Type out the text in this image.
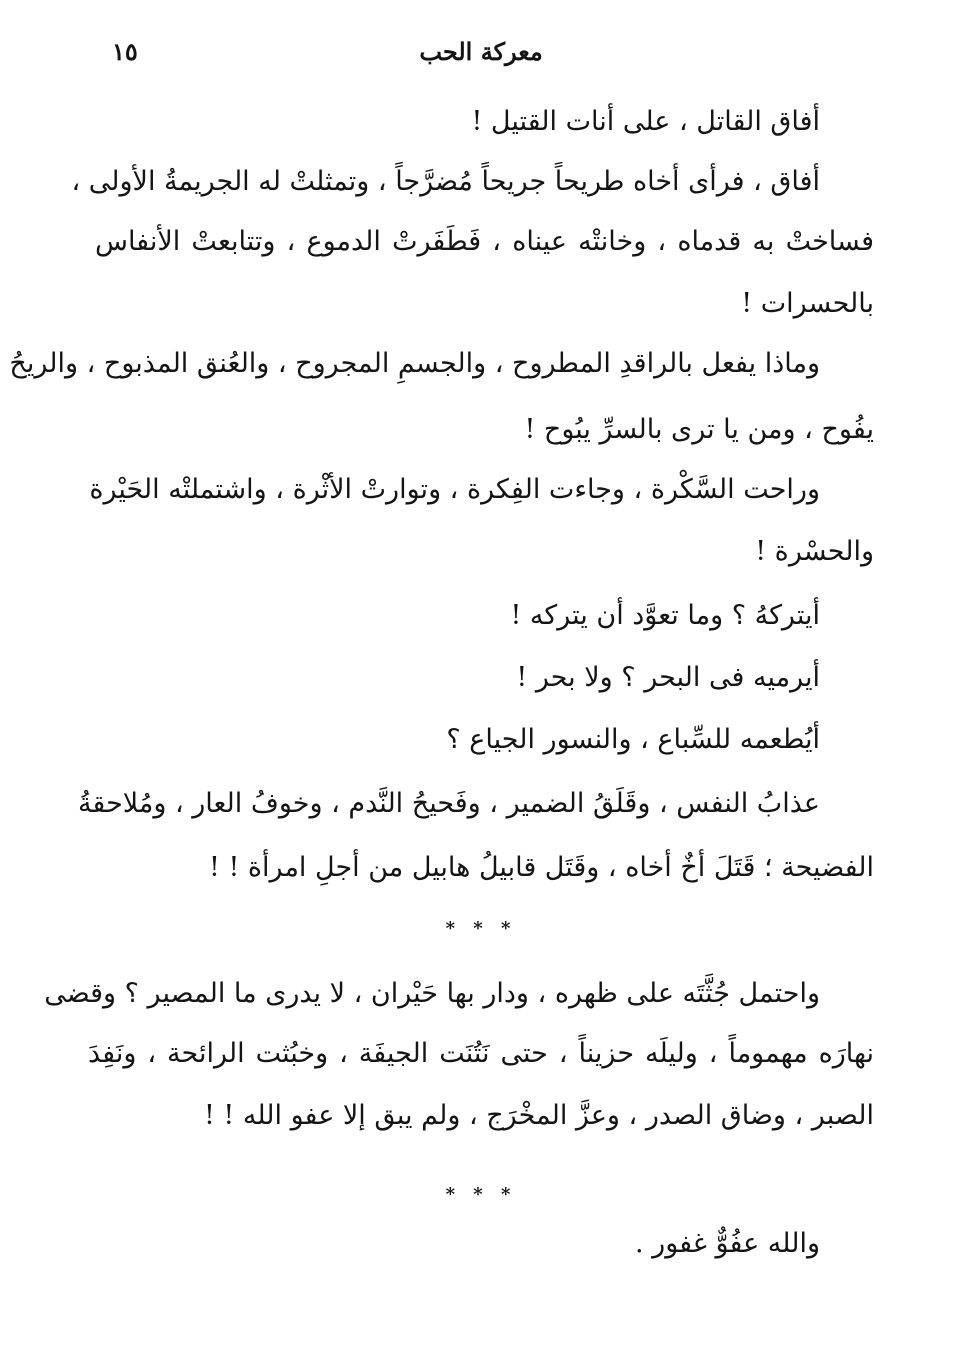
معركة الحب
١٥
أفاق القاتل ، على أنات القتيل !
أفاق ، فرأى أخاه طريحاً جريحاً مُضرَّجاً ، وتمثلتْ له الجريمةُ الأولى ،
فساختْ به قدماه ، وخانتْه عيناه ، فَطَفَرتْ الدموع ، وتتابعتْ الأنفاس
بالحسرات !
وماذا يفعل بالراقدِ المطروح ، والجسمِ المجروح ، والعُنق المذبوح ، والريحُ
يفُوح ، ومن يا ترى بالسرِّ يبُوح !
وراحت السَّكْرة ، وجاءت الفِكرة ، وتوارتْ الأثْرة ، واشتملتْه الحَيْرة
والحسْرة !
أيتركهُ ؟ وما تعوَّد أن يتركه !
أيرميه فى البحر ؟ ولا بحر !
أيُطعمه للسِّباع ، والنسور الجياع ؟
عذابُ النفس ، وقَلَقُ الضمير ، وفَحيحُ النَّدم ، وخوفُ العار ، ومُلاحقةُ
الفضيحة ؛ قَتَلَ أخٌ أخاه ، وقَتَل قابيلُ هابيل من أجلِ امرأة ! !
* * *
واحتمل جُثَّتَه على ظهره ، ودار بها حَيْران ، لا يدرى ما المصير ؟ وقضى
نهارَه مهموماً ، وليلَه حزيناً ، حتى نَتُنَت الجيفَة ، وخبُثت الرائحة ، ونَفِدَ
الصبر ، وضاق الصدر ، وعزَّ المخْرَج ، ولم يبق إلا عفو الله ! !
* * *
والله عفُوٌّ غفور .
